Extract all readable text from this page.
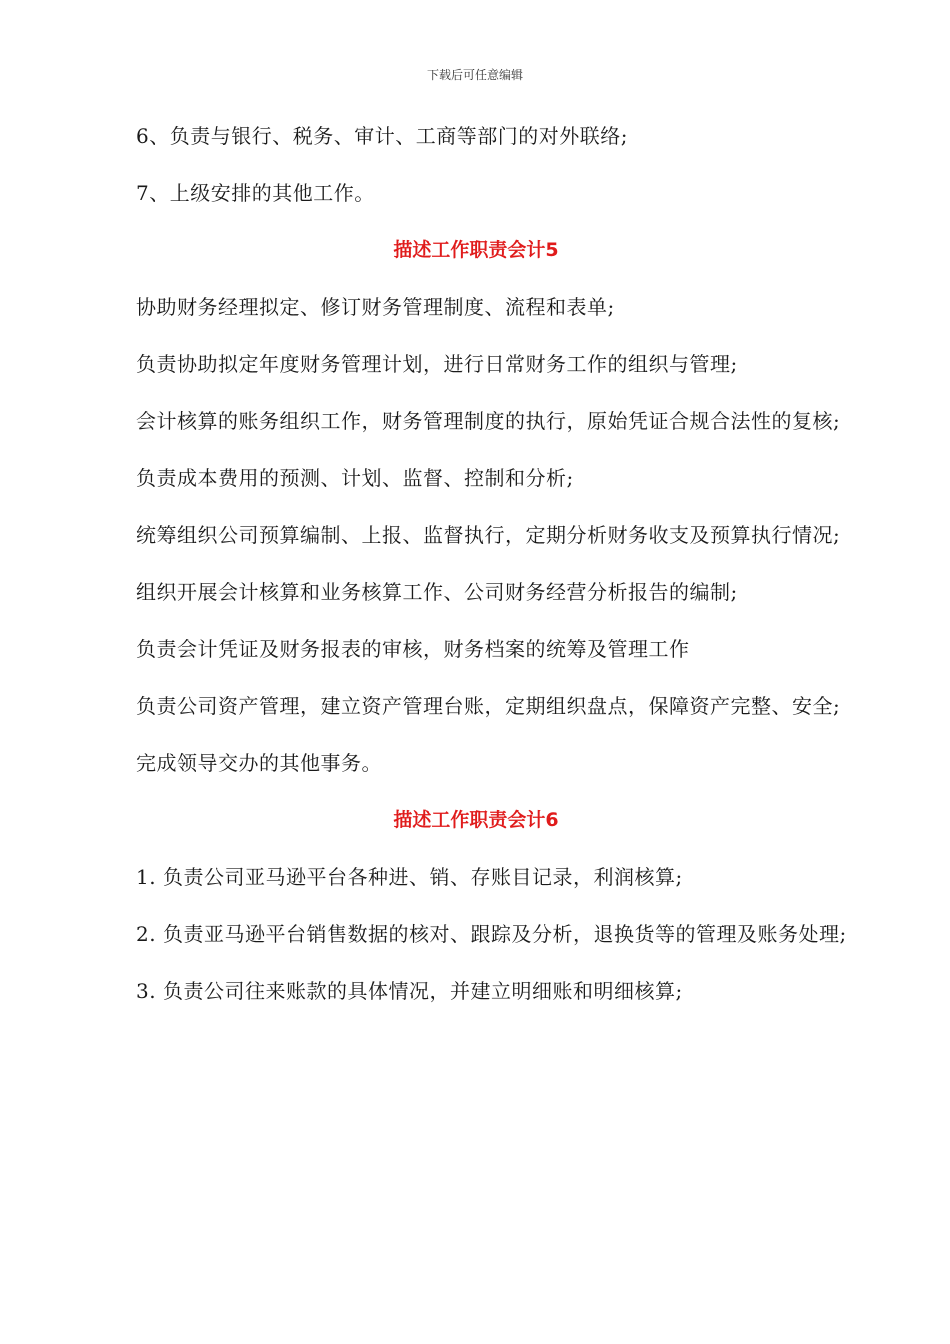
下载后可任意编辑

6、负责与银行、税务、审计、工商等部门的对外联络;

7、上级安排的其他工作。

描述工作职责会计5

协助财务经理拟定、修订财务管理制度、流程和表单;

负责协助拟定年度财务管理计划，进行日常财务工作的组织与管理;

会计核算的账务组织工作，财务管理制度的执行，原始凭证合规合法性的复核;

负责成本费用的预测、计划、监督、控制和分析;

统筹组织公司预算编制、上报、监督执行，定期分析财务收支及预算执行情况;

组织开展会计核算和业务核算工作、公司财务经营分析报告的编制;

负责会计凭证及财务报表的审核，财务档案的统筹及管理工作

负责公司资产管理，建立资产管理台账，定期组织盘点，保障资产完整、安全;

完成领导交办的其他事务。

描述工作职责会计6

1. 负责公司亚马逊平台各种进、销、存账目记录，利润核算;

2. 负责亚马逊平台销售数据的核对、跟踪及分析，退换货等的管理及账务处理;

3. 负责公司往来账款的具体情况，并建立明细账和明细核算;
